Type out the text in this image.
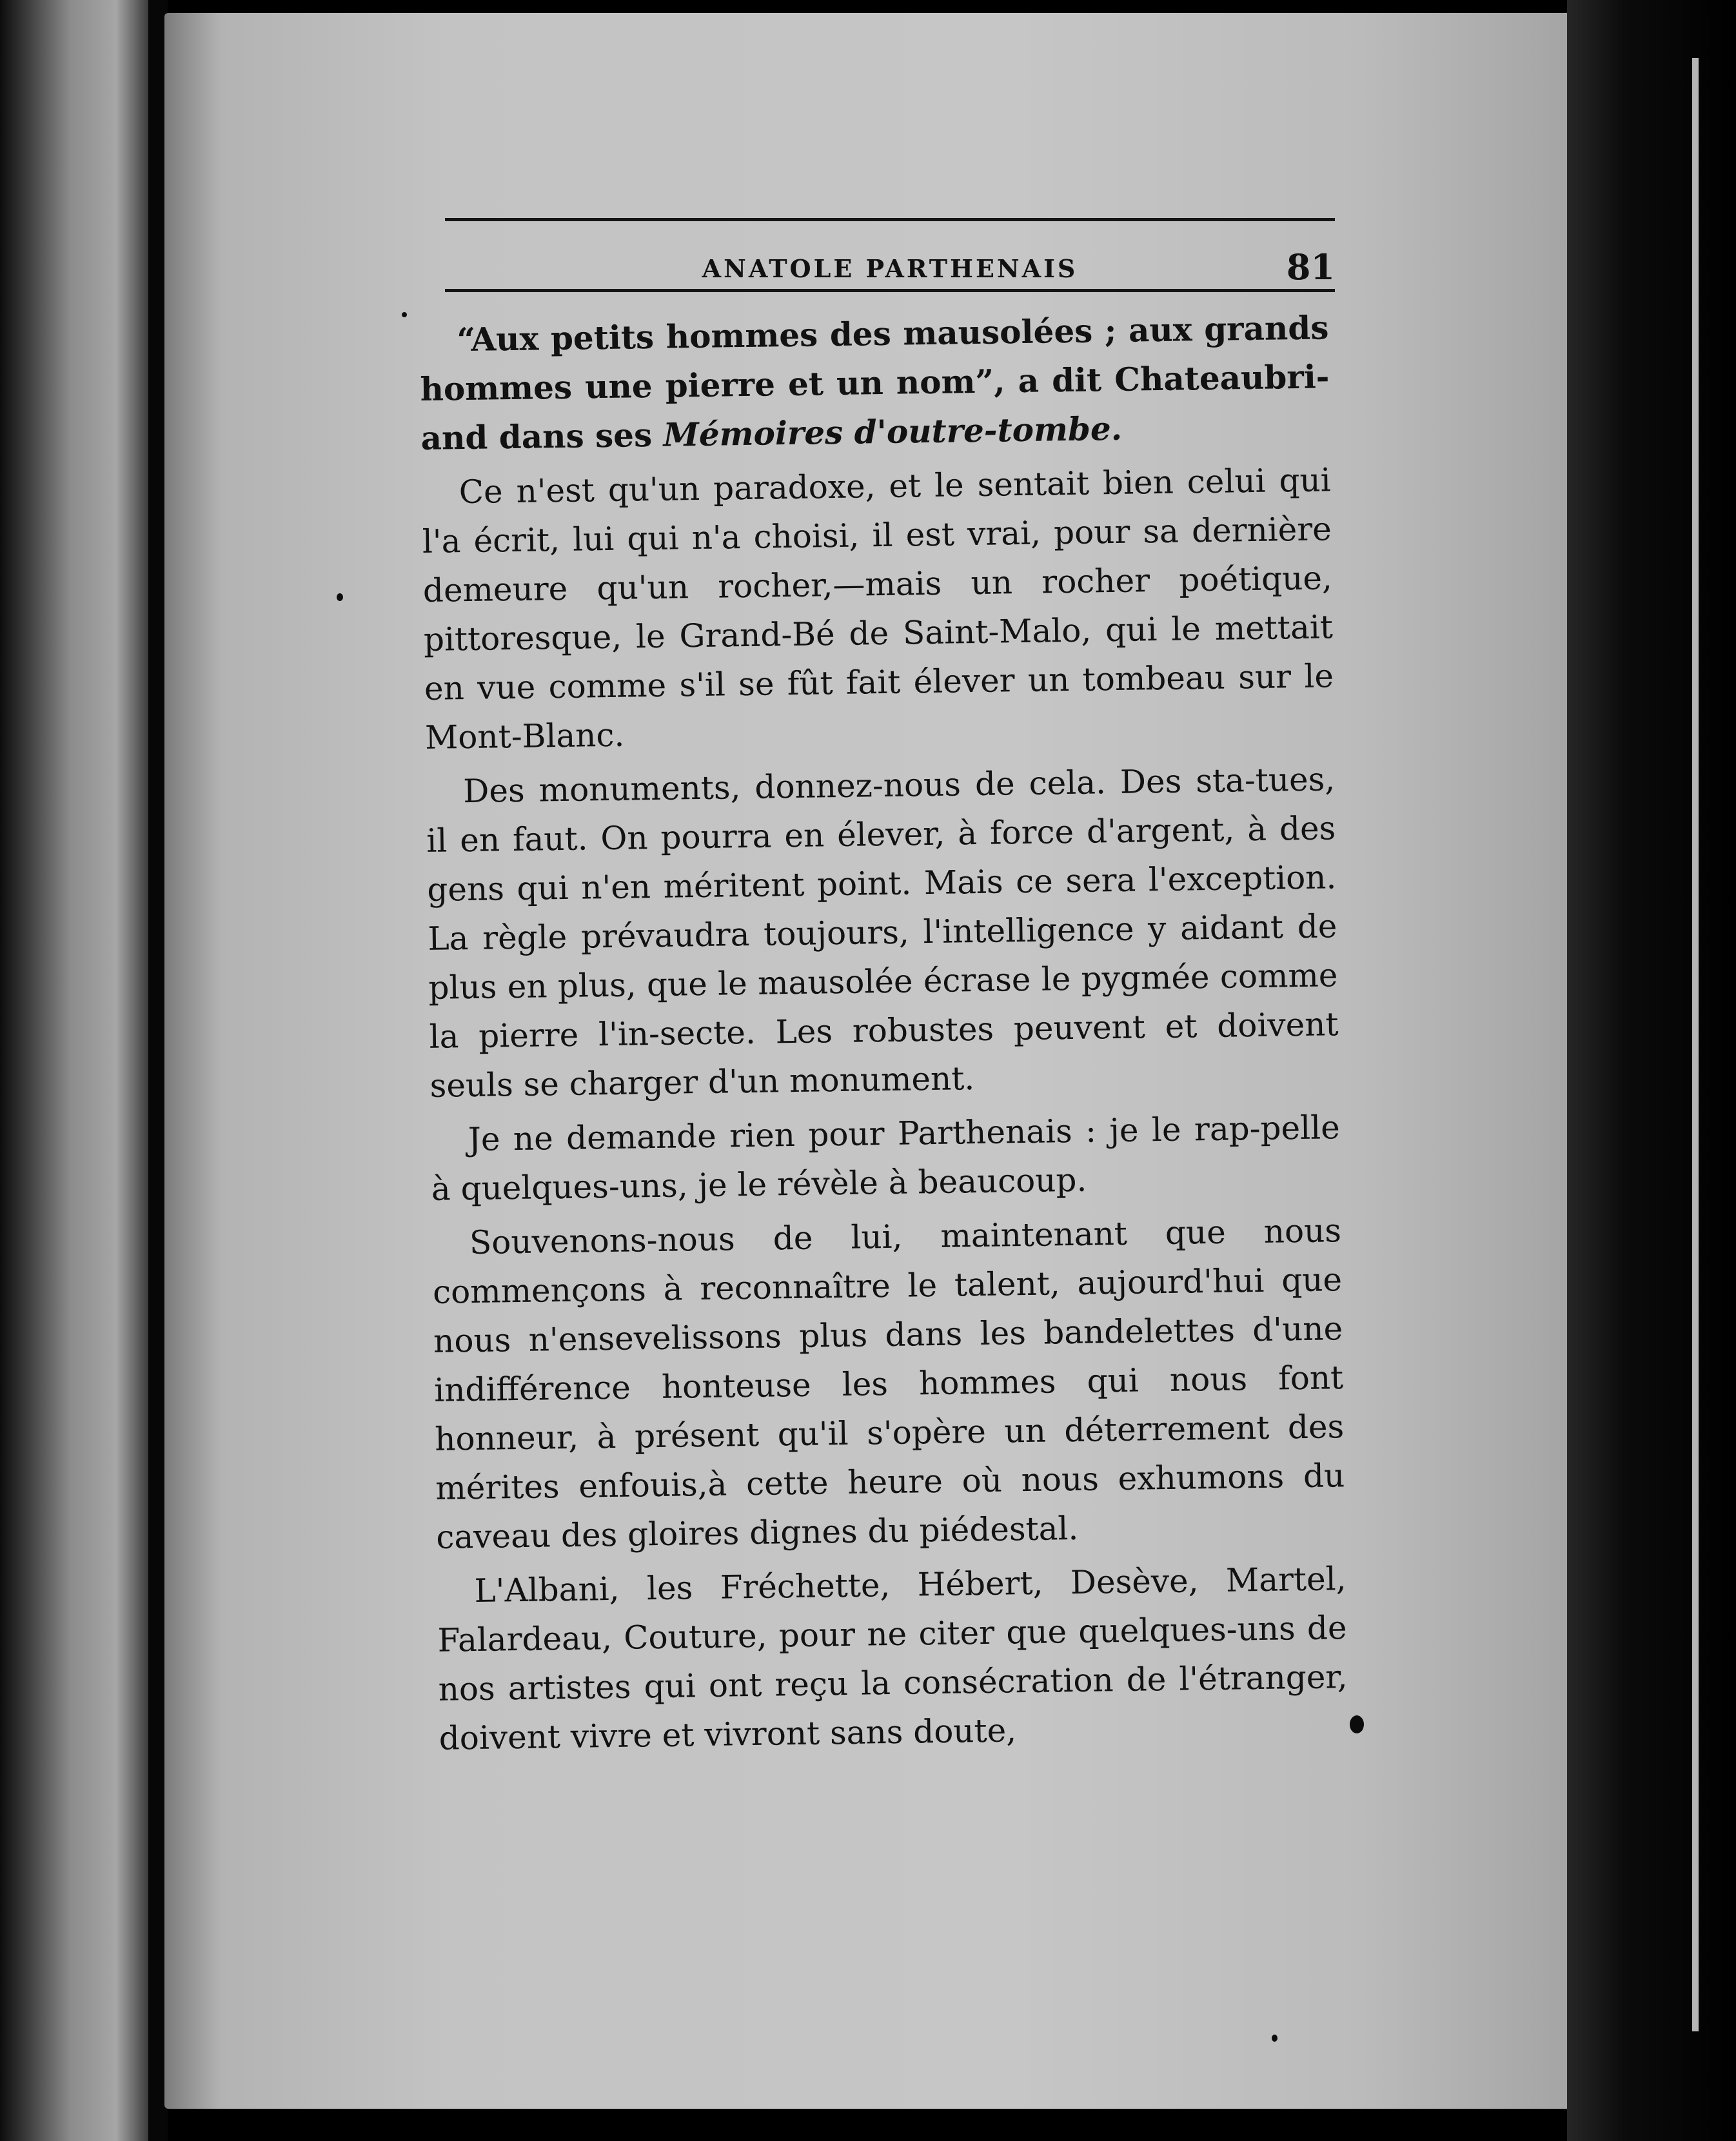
ANATOLE PARTHENAIS	81

“Aux petits hommes des mausolées ; aux grands hommes une pierre et un nom”, a dit Chateaubri-and dans ses Mémoires d'outre-tombe.

Ce n'est qu'un paradoxe, et le sentait bien celui qui l'a écrit, lui qui n'a choisi, il est vrai, pour sa dernière demeure qu'un rocher,—mais un rocher poétique, pittoresque, le Grand-Bé de Saint-Malo, qui le mettait en vue comme s'il se fût fait élever un tombeau sur le Mont-Blanc.

Des monuments, donnez-nous de cela. Des sta-tues, il en faut. On pourra en élever, à force d'argent, à des gens qui n'en méritent point. Mais ce sera l'exception. La règle prévaudra toujours, l'intelligence y aidant de plus en plus, que le mausolée écrase le pygmée comme la pierre l'in-secte. Les robustes peuvent et doivent seuls se charger d'un monument.

Je ne demande rien pour Parthenais : je le rap-pelle à quelques-uns, je le révèle à beaucoup.

Souvenons-nous de lui, maintenant que nous commençons à reconnaître le talent, aujourd'hui que nous n'ensevelissons plus dans les bandelettes d'une indifférence honteuse les hommes qui nous font honneur, à présent qu'il s'opère un déterrement des mérites enfouis,à cette heure où nous exhumons du caveau des gloires dignes du piédestal.

L'Albani, les Fréchette, Hébert, Desève, Martel, Falardeau, Couture, pour ne citer que quelques-uns de nos artistes qui ont reçu la consécration de l'étranger, doivent vivre et vivront sans doute,
